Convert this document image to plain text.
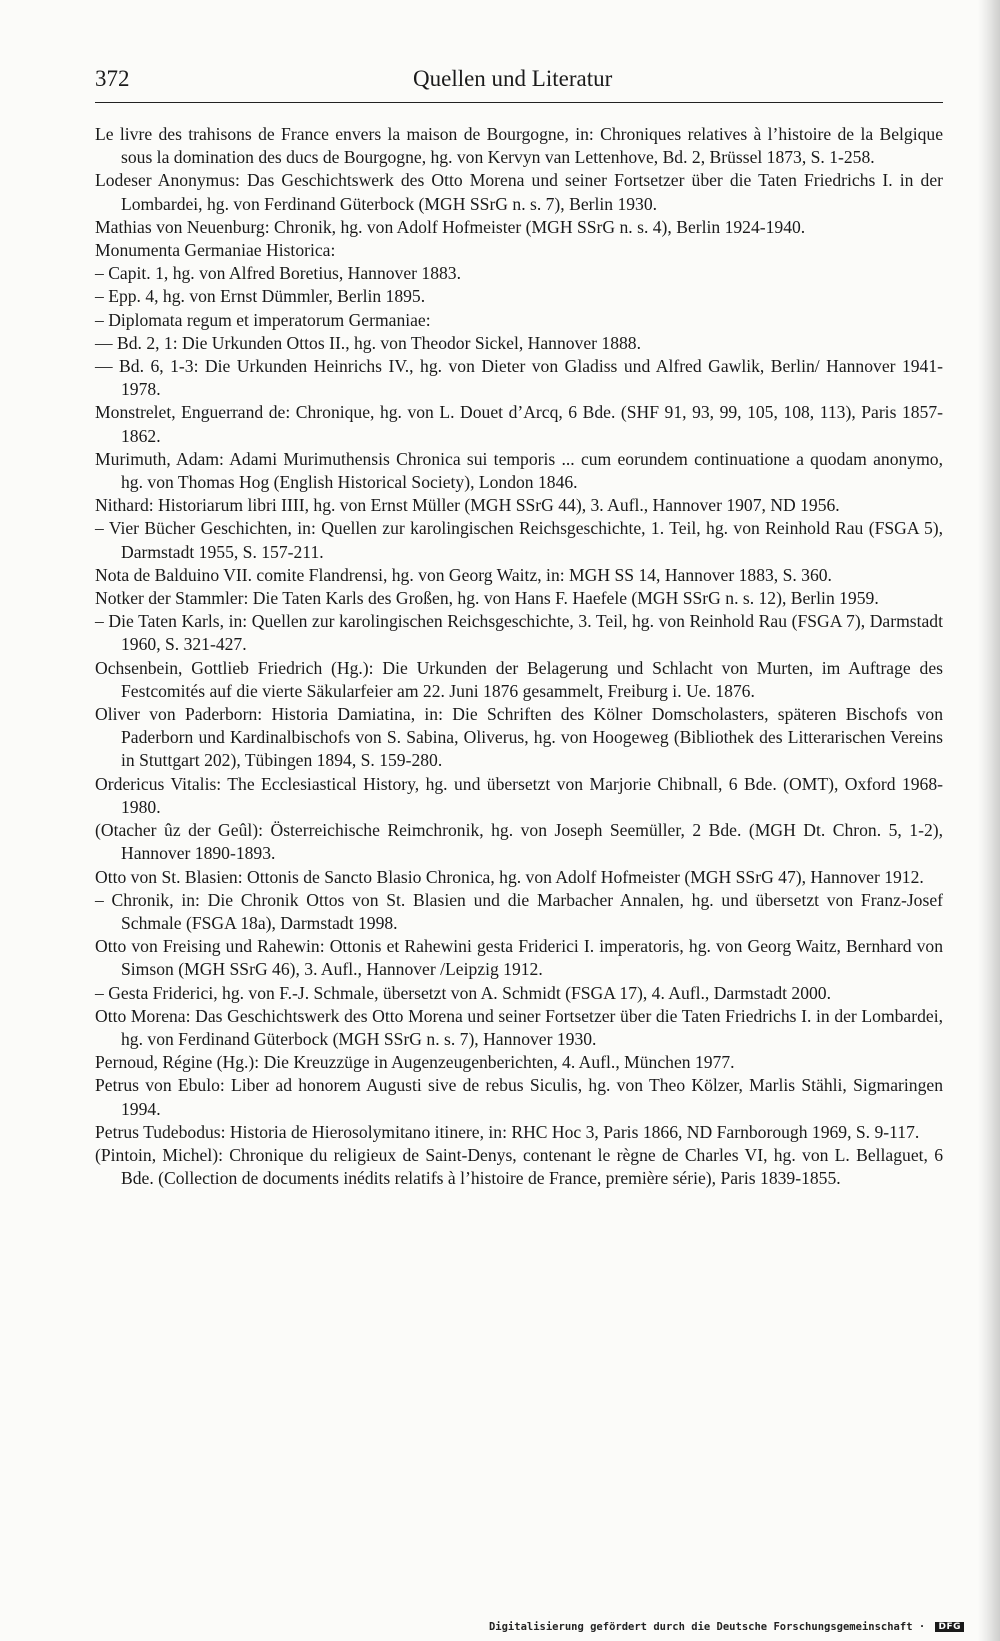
372	Quellen und Literatur
Le livre des trahisons de France envers la maison de Bourgogne, in: Chroniques relatives à l’histoire de la Belgique sous la domination des ducs de Bourgogne, hg. von Kervyn van Lettenhove, Bd. 2, Brüssel 1873, S. 1-258.
Lodeser Anonymus: Das Geschichtswerk des Otto Morena und seiner Fortsetzer über die Taten Friedrichs I. in der Lombardei, hg. von Ferdinand Güterbock (MGH SSrG n. s. 7), Berlin 1930.
Mathias von Neuenburg: Chronik, hg. von Adolf Hofmeister (MGH SSrG n. s. 4), Berlin 1924-1940.
Monumenta Germaniae Historica:
– Capit. 1, hg. von Alfred Boretius, Hannover 1883.
– Epp. 4, hg. von Ernst Dümmler, Berlin 1895.
– Diplomata regum et imperatorum Germaniae:
— Bd. 2, 1: Die Urkunden Ottos II., hg. von Theodor Sickel, Hannover 1888.
— Bd. 6, 1-3: Die Urkunden Heinrichs IV., hg. von Dieter von Gladiss und Alfred Gawlik, Berlin/ Hannover 1941-1978.
Monstrelet, Enguerrand de: Chronique, hg. von L. Douet d’Arcq, 6 Bde. (SHF 91, 93, 99, 105, 108, 113), Paris 1857-1862.
Murimuth, Adam: Adami Murimuthensis Chronica sui temporis ... cum eorundem continuatione a quodam anonymo, hg. von Thomas Hog (English Historical Society), London 1846.
Nithard: Historiarum libri IIII, hg. von Ernst Müller (MGH SSrG 44), 3. Aufl., Hannover 1907, ND 1956.
– Vier Bücher Geschichten, in: Quellen zur karolingischen Reichsgeschichte, 1. Teil, hg. von Reinhold Rau (FSGA 5), Darmstadt 1955, S. 157-211.
Nota de Balduino VII. comite Flandrensi, hg. von Georg Waitz, in: MGH SS 14, Hannover 1883, S. 360.
Notker der Stammler: Die Taten Karls des Großen, hg. von Hans F. Haefele (MGH SSrG n. s. 12), Berlin 1959.
– Die Taten Karls, in: Quellen zur karolingischen Reichsgeschichte, 3. Teil, hg. von Reinhold Rau (FSGA 7), Darmstadt 1960, S. 321-427.
Ochsenbein, Gottlieb Friedrich (Hg.): Die Urkunden der Belagerung und Schlacht von Murten, im Auftrage des Festcomités auf die vierte Säkularfeier am 22. Juni 1876 gesammelt, Freiburg i. Ue. 1876.
Oliver von Paderborn: Historia Damiatina, in: Die Schriften des Kölner Domscholasters, späteren Bischofs von Paderborn und Kardinalbischofs von S. Sabina, Oliverus, hg. von Hoogeweg (Bibliothek des Litterarischen Vereins in Stuttgart 202), Tübingen 1894, S. 159-280.
Ordericus Vitalis: The Ecclesiastical History, hg. und übersetzt von Marjorie Chibnall, 6 Bde. (OMT), Oxford 1968-1980.
(Otacher ûz der Geûl): Österreichische Reimchronik, hg. von Joseph Seemüller, 2 Bde. (MGH Dt. Chron. 5, 1-2), Hannover 1890-1893.
Otto von St. Blasien: Ottonis de Sancto Blasio Chronica, hg. von Adolf Hofmeister (MGH SSrG 47), Hannover 1912.
– Chronik, in: Die Chronik Ottos von St. Blasien und die Marbacher Annalen, hg. und übersetzt von Franz-Josef Schmale (FSGA 18a), Darmstadt 1998.
Otto von Freising und Rahewin: Ottonis et Rahewini gesta Friderici I. imperatoris, hg. von Georg Waitz, Bernhard von Simson (MGH SSrG 46), 3. Aufl., Hannover /Leipzig 1912.
– Gesta Friderici, hg. von F.-J. Schmale, übersetzt von A. Schmidt (FSGA 17), 4. Aufl., Darmstadt 2000.
Otto Morena: Das Geschichtswerk des Otto Morena und seiner Fortsetzer über die Taten Friedrichs I. in der Lombardei, hg. von Ferdinand Güterbock (MGH SSrG n. s. 7), Hannover 1930.
Pernoud, Régine (Hg.): Die Kreuzzüge in Augenzeugenberichten, 4. Aufl., München 1977.
Petrus von Ebulo: Liber ad honorem Augusti sive de rebus Siculis, hg. von Theo Kölzer, Marlis Stähli, Sigmaringen 1994.
Petrus Tudebodus: Historia de Hierosolymitano itinere, in: RHC Hoc 3, Paris 1866, ND Farnborough 1969, S. 9-117.
(Pintoin, Michel): Chronique du religieux de Saint-Denys, contenant le règne de Charles VI, hg. von L. Bellaguet, 6 Bde. (Collection de documents inédits relatifs à l’histoire de France, première série), Paris 1839-1855.
Digitalisierung gefördert durch die Deutsche Forschungsgemeinschaft · DFG
